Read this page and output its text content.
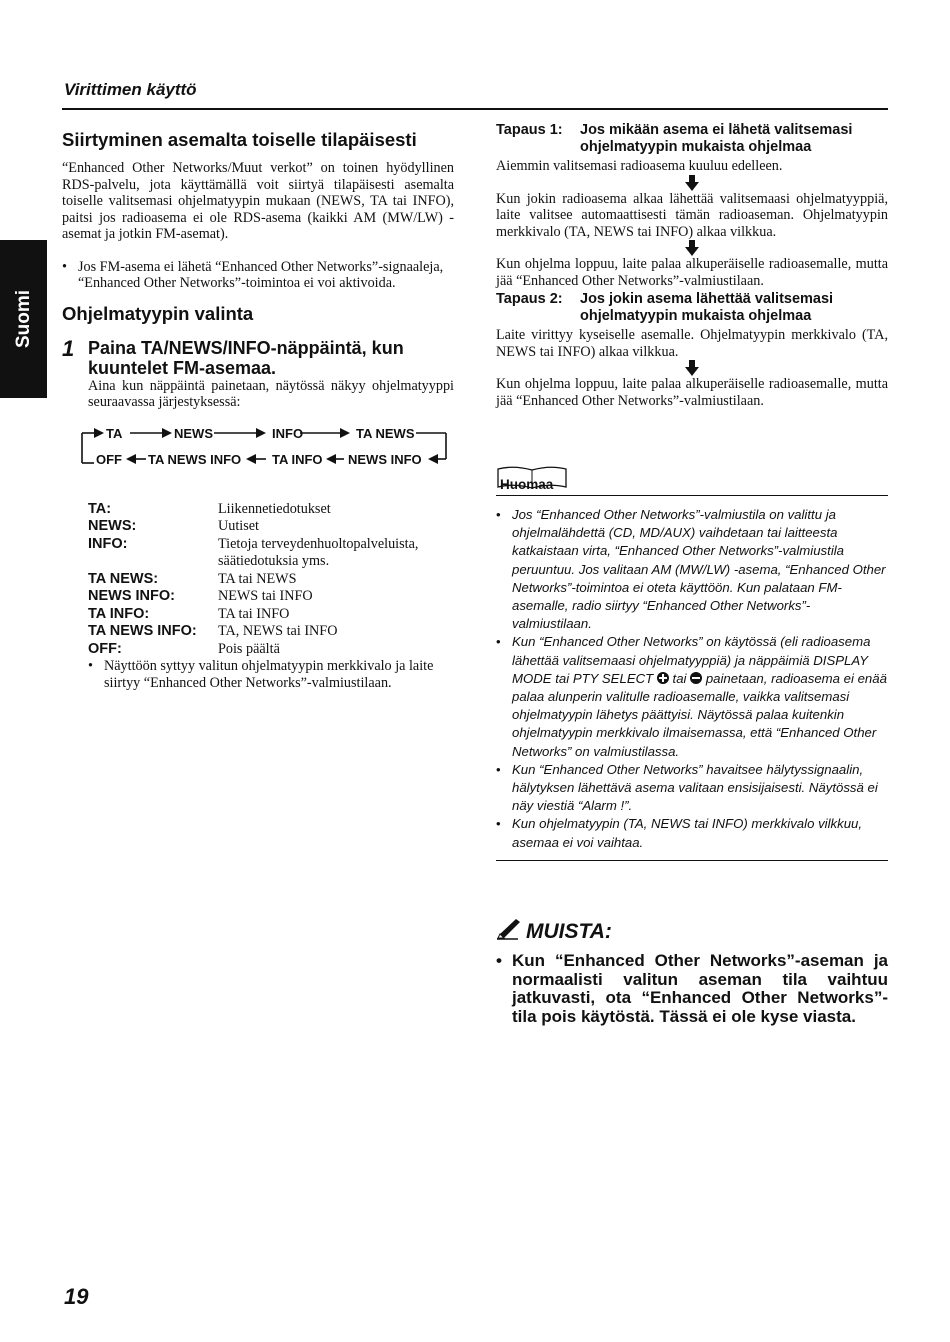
Virittimen käyttö
Suomi
Siirtyminen asemalta toiselle tilapäisesti

“Enhanced Other Networks/Muut verkot” on toinen hyödyllinen RDS-palvelu, jota käyttämällä voit siirtyä tilapäisesti asemalta toiselle valitsemasi ohjelmatyypin mukaan (NEWS, TA tai INFO), paitsi jos radioasema ei ole RDS-asema (kaikki AM (MW/LW) -asemat ja jotkin FM-asemat).

• Jos FM-asema ei lähetä “Enhanced Other Networks”-signaaleja, “Enhanced Other Networks”-toimintoa ei voi aktivoida.
Ohjelmatyypin valinta
1 Paina TA/NEWS/INFO-näppäintä, kun kuuntelet FM-asemaa.

Aina kun näppäintä painetaan, näytössä näkyy ohjelmatyyppi seuraavassa järjestyksessä:

TA	NEWS	INFO	TA NEWS
OFF TA NEWS INFO TA INFO NEWS INFO
TA:	Liikennetiedotukset
NEWS:	Uutiset
INFO:	Tietoja terveydenhuoltopalveluista, säätiedotuksia yms.
TA NEWS:	TA tai NEWS
NEWS INFO:	NEWS tai INFO
TA INFO:	TA tai INFO
TA NEWS INFO:	TA, NEWS tai INFO
OFF:	Pois päältä
• Näyttöön syttyy valitun ohjelmatyypin merkkivalo ja laite siirtyy “Enhanced Other Networks”-valmiustilaan.
Tapaus 1:	Jos mikään asema ei lähetä valitsemasi ohjelmatyypin mukaista ohjelmaa

Aiemmin valitsemasi radioasema kuuluu edelleen.

Kun jokin radioasema alkaa lähettää valitsemaasi ohjelmatyyppiä, laite valitsee automaattisesti tämän radioaseman. Ohjelmatyypin merkkivalo (TA, NEWS tai INFO) alkaa vilkkua.

Kun ohjelma loppuu, laite palaa alkuperäiselle radioasemalle, mutta jää “Enhanced Other Networks”-valmiustilaan.

Tapaus 2:	Jos jokin asema lähettää valitsemasi ohjelmatyypin mukaista ohjelmaa

Laite virittyy kyseiselle asemalle. Ohjelmatyypin merkkivalo (TA, NEWS tai INFO) alkaa vilkkua.

Kun ohjelma loppuu, laite palaa alkuperäiselle radioasemalle, mutta jää “Enhanced Other Networks”-valmiustilaan.

Huomaa
• Jos “Enhanced Other Networks”-valmiustila on valittu ja ohjelmalähdettä (CD, MD/AUX) vaihdetaan tai laitteesta katkaistaan virta, “Enhanced Other Networks”-valmiustila peruuntuu. Jos valitaan AM (MW/LW) -asema, “Enhanced Other Networks”-toimintoa ei oteta käyttöön. Kun palataan FM-asemalle, radio siirtyy “Enhanced Other Networks”-valmiustilaan.
• Kun “Enhanced Other Networks” on käytössä (eli radioasema lähettää valitsemaasi ohjelmatyyppiä) ja näppäimiä DISPLAY MODE tai PTY SELECT tai painetaan, radioasema ei enää palaa alunperin valitulle radioasemalle, vaikka valitsemasi ohjelmatyypin lähetys päättyisi. Näytössä palaa kuitenkin ohjelmatyypin merkkivalo ilmaisemassa, että “Enhanced Other Networks” on valmiustilassa.
• Kun “Enhanced Other Networks” havaitsee hälytyssignaalin, hälytyksen lähettävä asema valitaan ensisijaisesti. Näytössä ei näy viestiä “Alarm !”.
• Kun ohjelmatyypin (TA, NEWS tai INFO) merkkivalo vilkkuu, asemaa ei voi vaihtaa.
MUISTA:
• Kun “Enhanced Other Networks”-aseman ja normaalisti valitun aseman tila vaihtuu jatkuvasti, ota “Enhanced Other Networks”-tila pois käytöstä. Tässä ei ole kyse viasta.
19
